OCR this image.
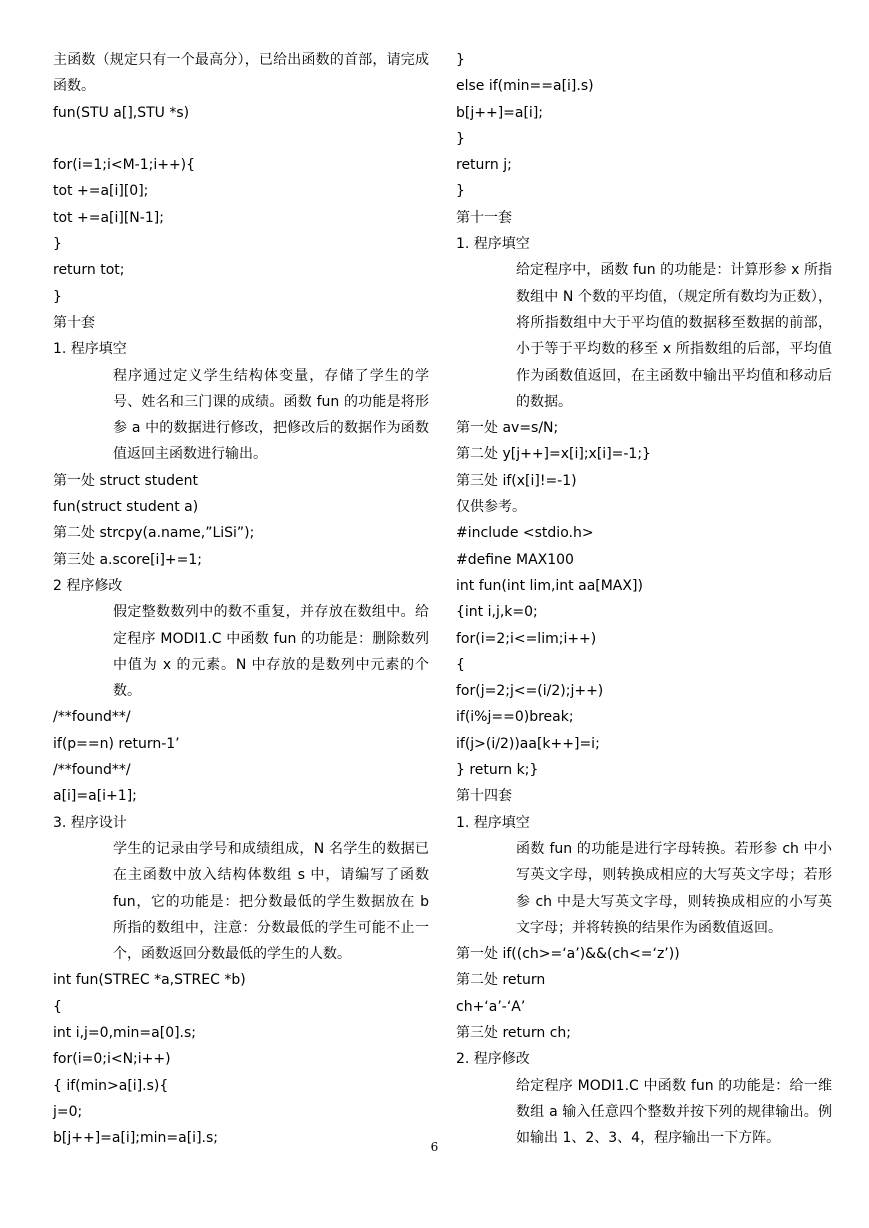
主函数（规定只有一个最高分），已给出函数的首部，请完成函数。
fun(STU a[],STU *s)

for(i=1;i<M-1;i++){
tot +=a[i][0];
tot +=a[i][N-1];
}
return tot;
}
第十套
1. 程序填空
程序通过定义学生结构体变量，存储了学生的学号、姓名和三门课的成绩。函数 fun 的功能是将形参 a 中的数据进行修改，把修改后的数据作为函数值返回主函数进行输出。
第一处 struct student
fun(struct student a)
第二处 strcpy(a.name,”LiSi”);
第三处 a.score[i]+=1;
2 程序修改
假定整数数列中的数不重复，并存放在数组中。给定程序 MODI1.C 中函数 fun 的功能是：删除数列中值为 x 的元素。N 中存放的是数列中元素的个数。
/**found**/
if(p==n) return-1’
/**found**/
a[i]=a[i+1];
3. 程序设计
学生的记录由学号和成绩组成，N 名学生的数据已在主函数中放入结构体数组 s 中，请编写了函数 fun，它的功能是：把分数最低的学生数据放在 b 所指的数组中，注意：分数最低的学生可能不止一个，函数返回分数最低的学生的人数。
int fun(STREC *a,STREC *b)
{
int i,j=0,min=a[0].s;
for(i=0;i<N;i++)
{ if(min>a[i].s){
j=0;
b[j++]=a[i];min=a[i].s;
}
else if(min==a[i].s)
b[j++]=a[i];
}
return j;
}
第十一套
1. 程序填空
给定程序中，函数 fun 的功能是：计算形参 x 所指数组中 N 个数的平均值，（规定所有数均为正数），将所指数组中大于平均值的数据移至数据的前部，小于等于平均数的移至 x 所指数组的后部，平均值作为函数值返回，在主函数中输出平均值和移动后的数据。
第一处 av=s/N;
第二处 y[j++]=x[i];x[i]=-1;}
第三处 if(x[i]!=-1)
仅供参考。
#include <stdio.h>
#define MAX100
int fun(int lim,int aa[MAX])
{int i,j,k=0;
for(i=2;i<=lim;i++)
{
for(j=2;j<=(i/2);j++)
if(i%j==0)break;
if(j>(i/2))aa[k++]=i;
} return k;}
第十四套
1. 程序填空
函数 fun 的功能是进行字母转换。若形参 ch 中小写英文字母，则转换成相应的大写英文字母；若形参 ch 中是大写英文字母，则转换成相应的小写英文字母；并将转换的结果作为函数值返回。
第一处 if((ch>=‘a’)&&(ch<=‘z’))
第二处 return
ch+‘a’-‘A’
第三处 return ch;
2. 程序修改
给定程序 MODI1.C 中函数 fun 的功能是：给一维数组 a 输入任意四个整数并按下列的规律输出。例如输出 1、2、3、4，程序输出一下方阵。
6
